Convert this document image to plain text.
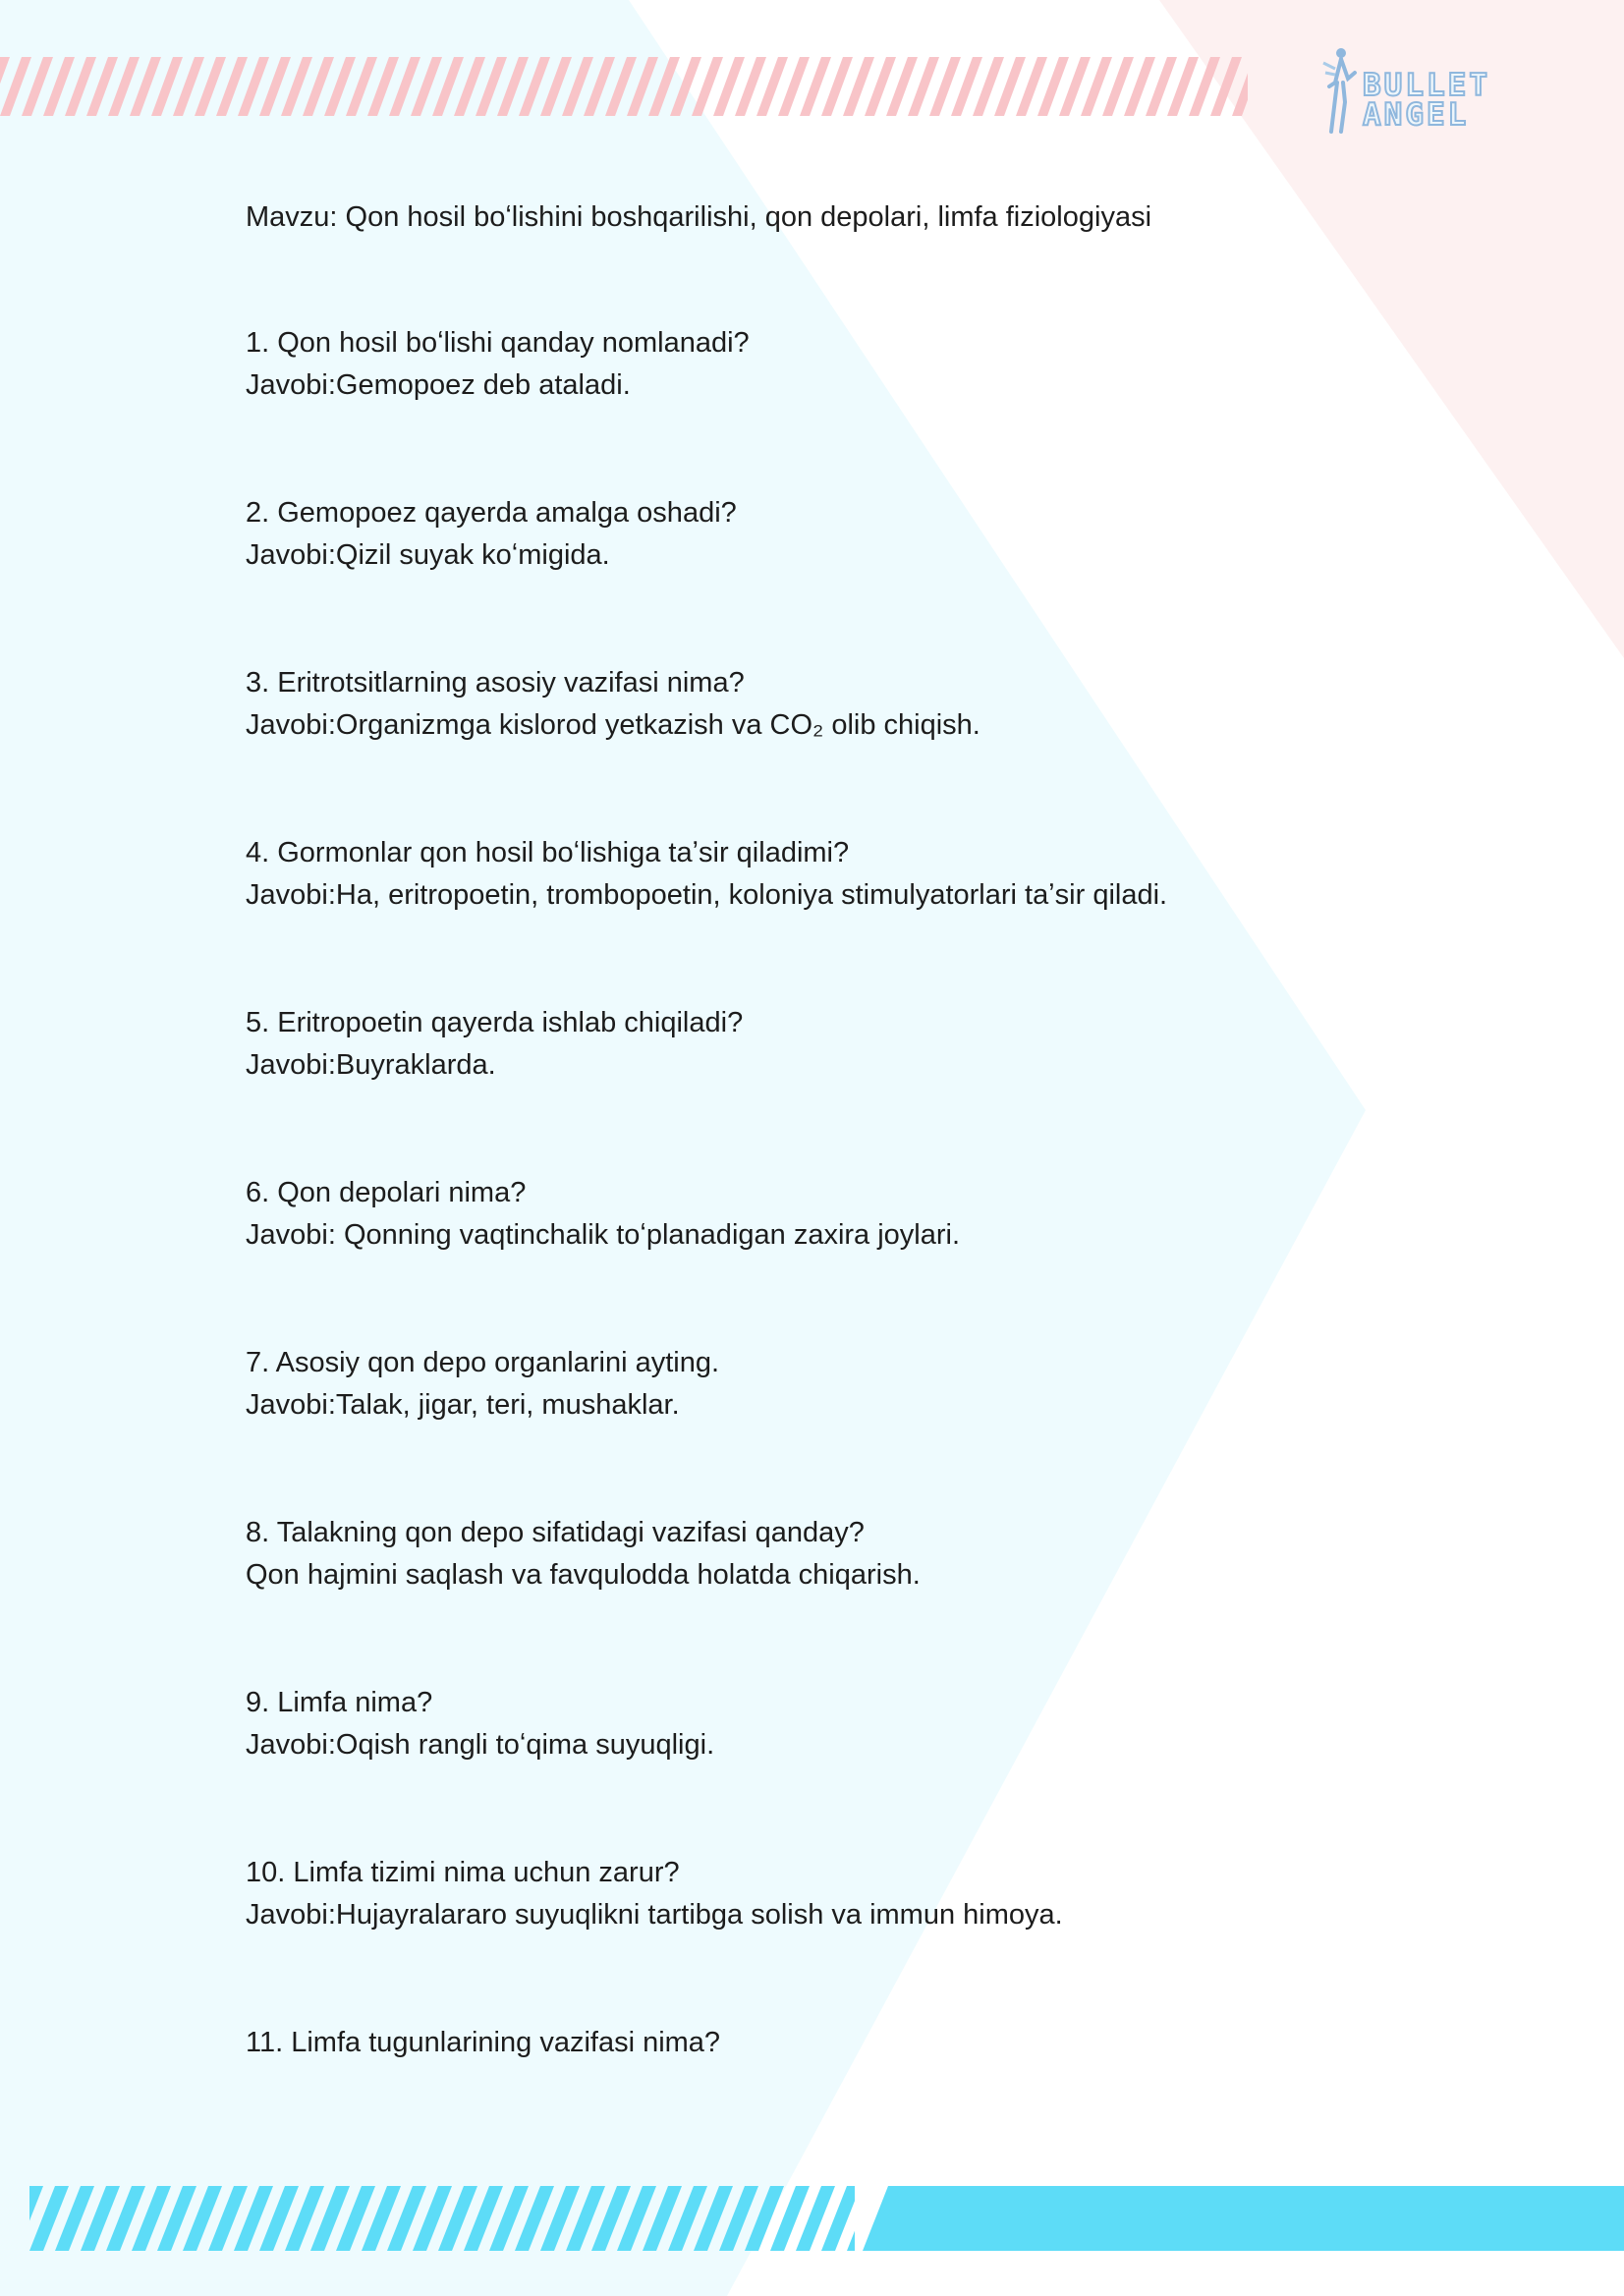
BULLET
ANGEL

Mavzu: Qon hosil boʻlishini boshqarilishi, qon depolari, limfa fiziologiyasi

1. Qon hosil boʻlishi qanday nomlanadi?

Javobi:Gemopoez deb ataladi.

2. Gemopoez qayerda amalga oshadi?

Javobi:Qizil suyak koʻmigida.

3. Eritrotsitlarning asosiy vazifasi nima?

Javobi:Organizmga kislorod yetkazish va CO₂ olib chiqish.

4. Gormonlar qon hosil boʻlishiga taʼsir qiladimi?

Javobi:Ha, eritropoetin, trombopoetin, koloniya stimulyatorlari taʼsir qiladi.

5. Eritropoetin qayerda ishlab chiqiladi?

Javobi:Buyraklarda.

6. Qon depolari nima?

Javobi: Qonning vaqtinchalik toʻplanadigan zaxira joylari.

7. Asosiy qon depo organlarini ayting.

Javobi:Talak, jigar, teri, mushaklar.

8. Talakning qon depo sifatidagi vazifasi qanday?

Qon hajmini saqlash va favqulodda holatda chiqarish.

9. Limfa nima?

Javobi:Oqish rangli toʻqima suyuqligi.

10. Limfa tizimi nima uchun zarur?

Javobi:Hujayralararo suyuqlikni tartibga solish va immun himoya.

11. Limfa tugunlarining vazifasi nima?
